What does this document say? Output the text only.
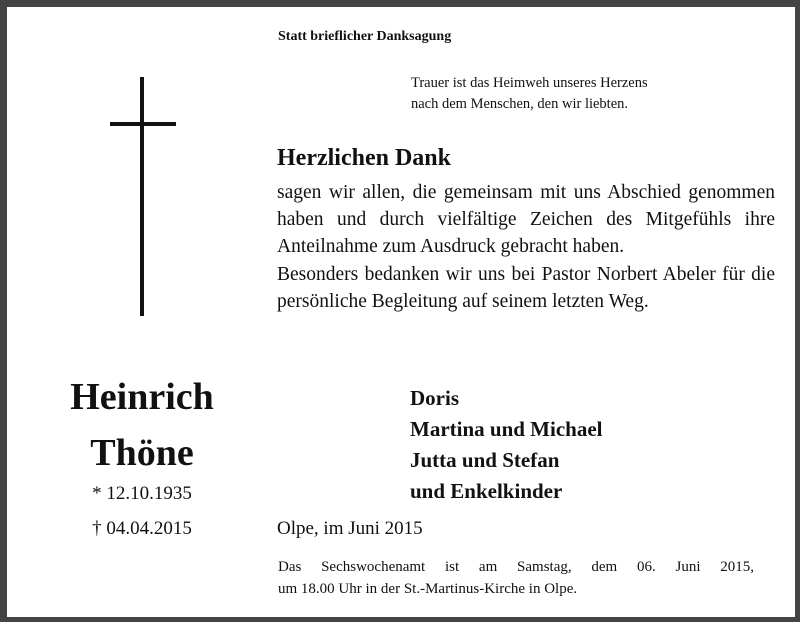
Statt brieflicher Danksagung
Trauer ist das Heimweh unseres Herzens
nach dem Menschen, den wir liebten.
Herzlichen Dank

sagen wir allen, die gemeinsam mit uns Abschied genommen haben und durch vielfältige Zeichen des Mitgefühls ihre Anteilnahme zum Ausdruck gebracht haben.

Besonders bedanken wir uns bei Pastor Norbert Abeler für die persönliche Begleitung auf seinem letzten Weg.

Doris
Martina und Michael
Jutta und Stefan
und Enkelkinder
Heinrich
Thöne
* 12.10.1935
† 04.04.2015	Olpe, im Juni 2015
Das Sechswochenamt ist am Samstag, dem 06. Juni 2015,
um 18.00 Uhr in der St.-Martinus-Kirche in Olpe.
